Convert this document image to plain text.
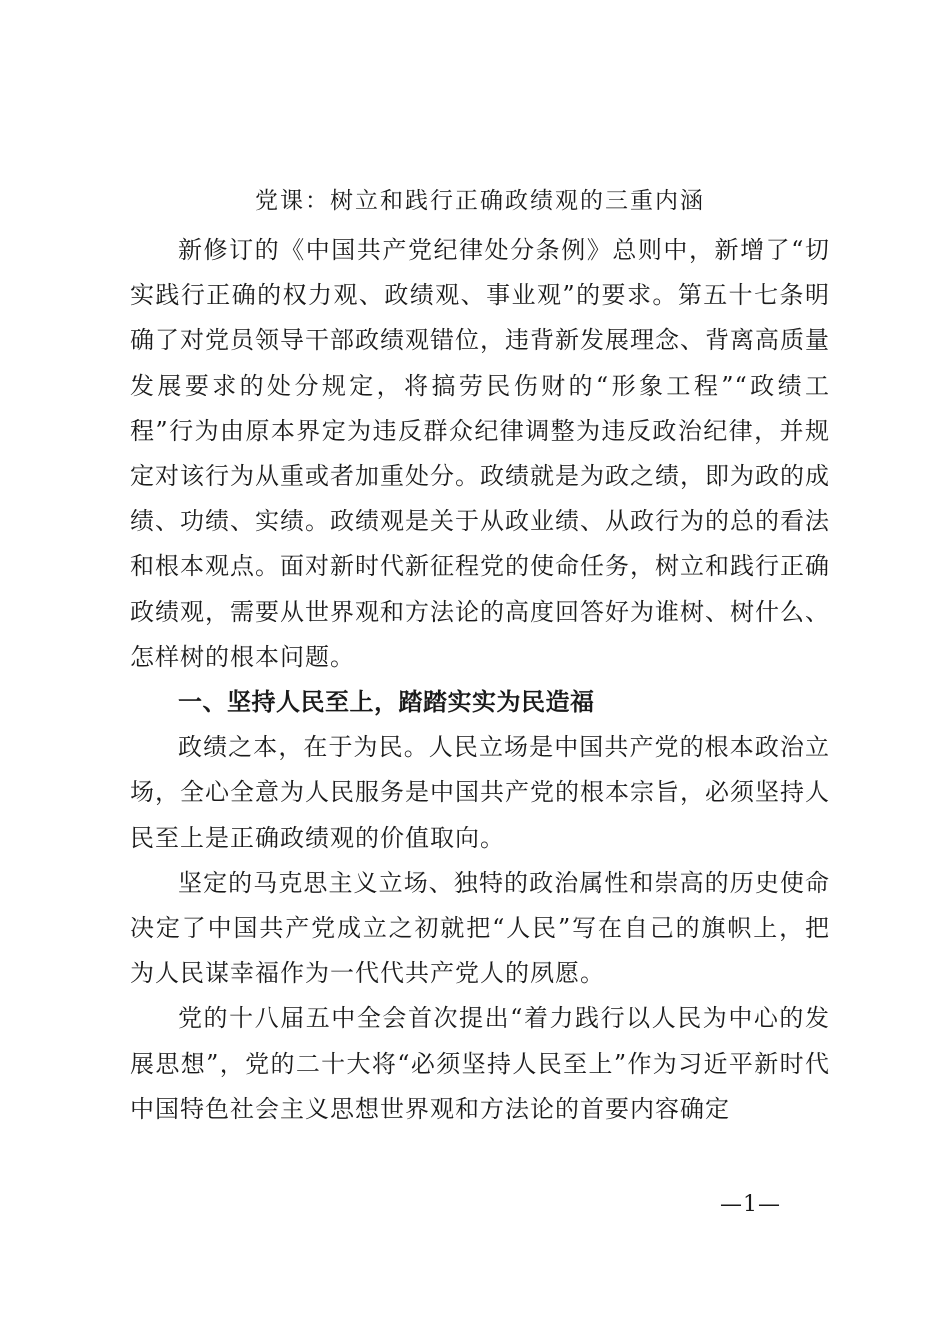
党课：树立和践行正确政绩观的三重内涵

新修订的《中国共产党纪律处分条例》总则中，新增了“切实践行正确的权力观、政绩观、事业观”的要求。第五十七条明确了对党员领导干部政绩观错位，违背新发展理念、背离高质量发展要求的处分规定，将搞劳民伤财的“形象工程”“政绩工程”行为由原本界定为违反群众纪律调整为违反政治纪律，并规定对该行为从重或者加重处分。政绩就是为政之绩，即为政的成绩、功绩、实绩。政绩观是关于从政业绩、从政行为的总的看法和根本观点。面对新时代新征程党的使命任务，树立和践行正确政绩观，需要从世界观和方法论的高度回答好为谁树、树什么、怎样树的根本问题。

一、坚持人民至上，踏踏实实为民造福

政绩之本，在于为民。人民立场是中国共产党的根本政治立场，全心全意为人民服务是中国共产党的根本宗旨，必须坚持人民至上是正确政绩观的价值取向。

坚定的马克思主义立场、独特的政治属性和崇高的历史使命决定了中国共产党成立之初就把“人民”写在自己的旗帜上，把为人民谋幸福作为一代代共产党人的夙愿。

党的十八届五中全会首次提出“着力践行以人民为中心的发展思想”，党的二十大将“必须坚持人民至上”作为习近平新时代中国特色社会主义思想世界观和方法论的首要内容确定

—1—
